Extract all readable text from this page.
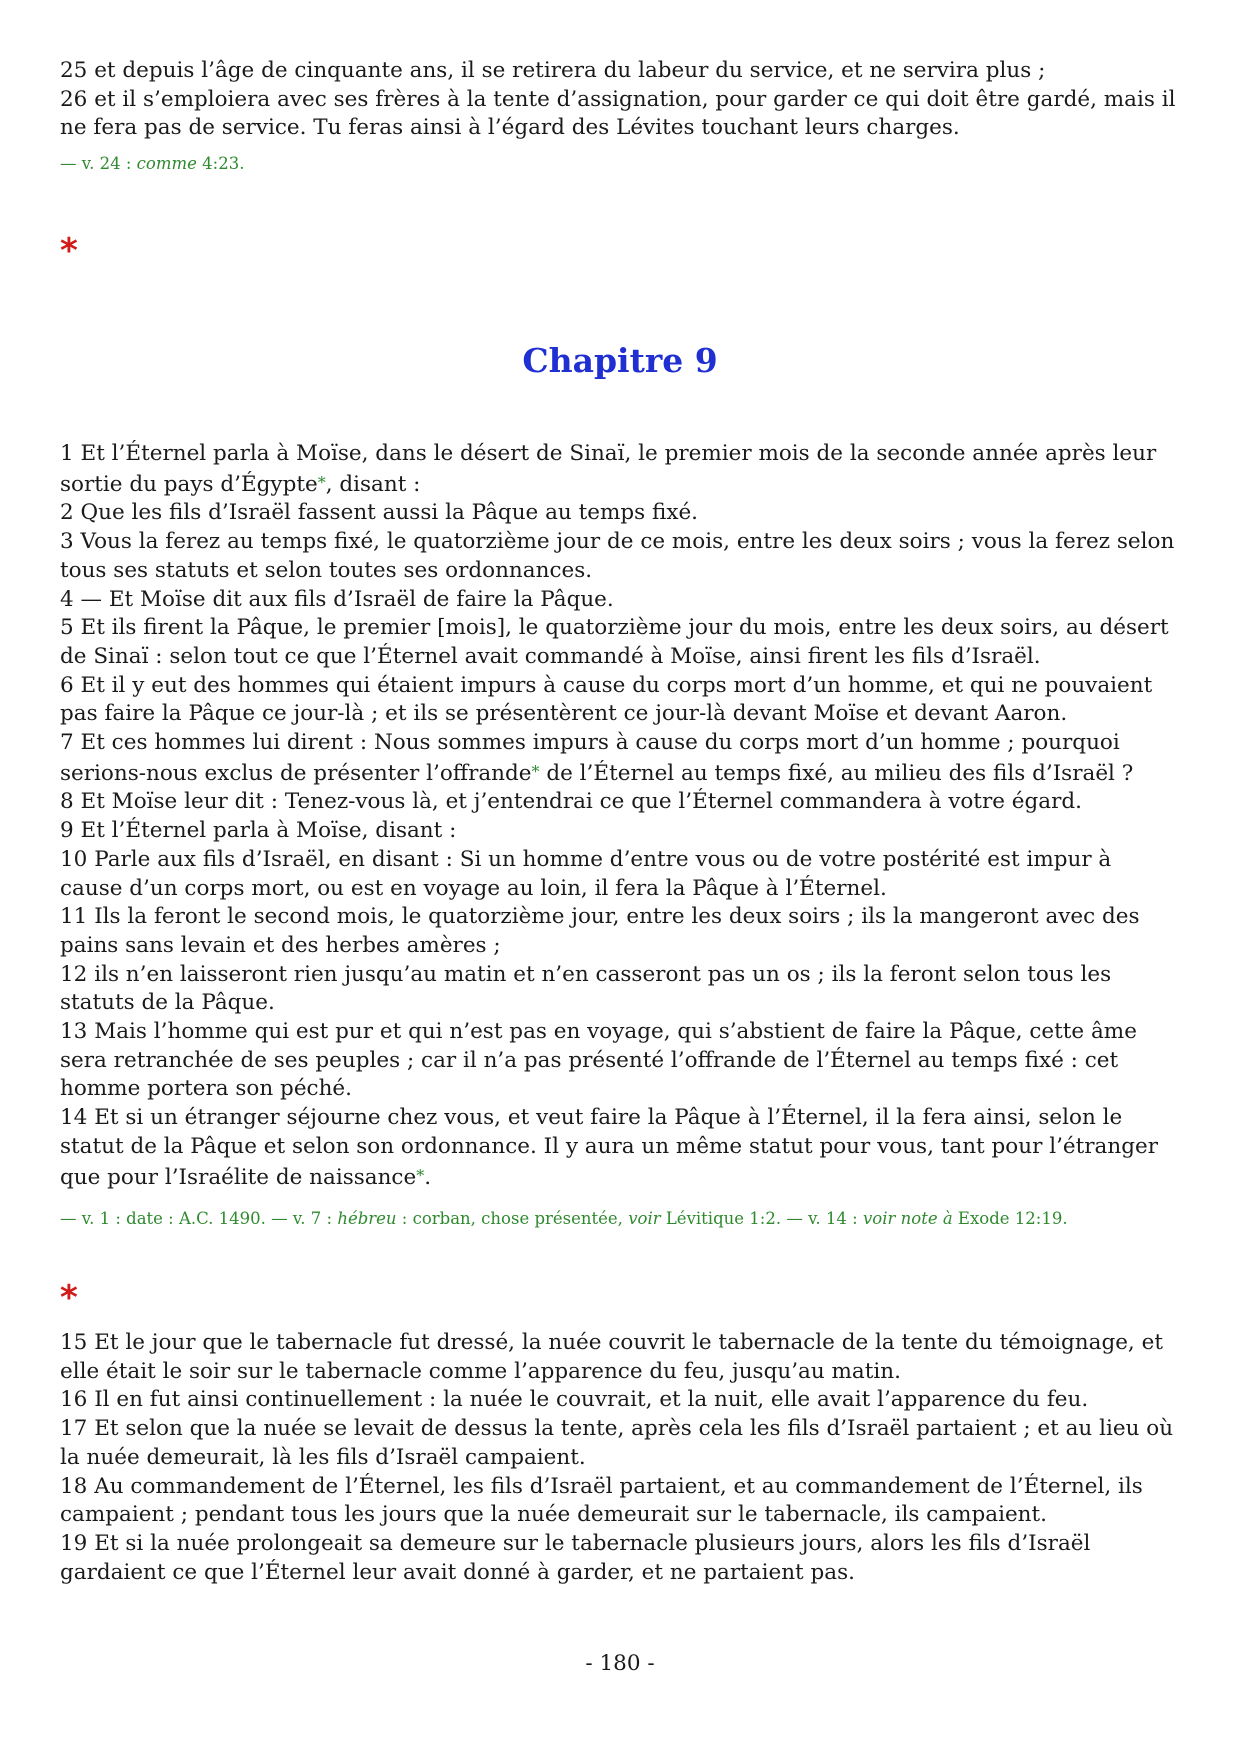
25 et depuis l’âge de cinquante ans, il se retirera du labeur du service, et ne servira plus ;
26 et il s’emploiera avec ses frères à la tente d’assignation, pour garder ce qui doit être gardé, mais il ne fera pas de service. Tu feras ainsi à l’égard des Lévites touchant leurs charges.
— v. 24 : comme 4:23.
*
Chapitre 9
1 Et l’Éternel parla à Moïse, dans le désert de Sinaï, le premier mois de la seconde année après leur sortie du pays d’Égypte*, disant :
2 Que les fils d’Israël fassent aussi la Pâque au temps fixé.
3 Vous la ferez au temps fixé, le quatorzième jour de ce mois, entre les deux soirs ; vous la ferez selon tous ses statuts et selon toutes ses ordonnances.
4 — Et Moïse dit aux fils d’Israël de faire la Pâque.
5 Et ils firent la Pâque, le premier [mois], le quatorzième jour du mois, entre les deux soirs, au désert de Sinaï : selon tout ce que l’Éternel avait commandé à Moïse, ainsi firent les fils d’Israël.
6 Et il y eut des hommes qui étaient impurs à cause du corps mort d’un homme, et qui ne pouvaient pas faire la Pâque ce jour-là ; et ils se présentèrent ce jour-là devant Moïse et devant Aaron.
7 Et ces hommes lui dirent : Nous sommes impurs à cause du corps mort d’un homme ; pourquoi serions-nous exclus de présenter l’offrande* de l’Éternel au temps fixé, au milieu des fils d’Israël ?
8 Et Moïse leur dit : Tenez-vous là, et j’entendrai ce que l’Éternel commandera à votre égard.
9 Et l’Éternel parla à Moïse, disant :
10 Parle aux fils d’Israël, en disant : Si un homme d’entre vous ou de votre postérité est impur à cause d’un corps mort, ou est en voyage au loin, il fera la Pâque à l’Éternel.
11 Ils la feront le second mois, le quatorzième jour, entre les deux soirs ; ils la mangeront avec des pains sans levain et des herbes amères ;
12 ils n’en laisseront rien jusqu’au matin et n’en casseront pas un os ; ils la feront selon tous les statuts de la Pâque.
13 Mais l’homme qui est pur et qui n’est pas en voyage, qui s’abstient de faire la Pâque, cette âme sera retranchée de ses peuples ; car il n’a pas présenté l’offrande de l’Éternel au temps fixé : cet homme portera son péché.
14 Et si un étranger séjourne chez vous, et veut faire la Pâque à l’Éternel, il la fera ainsi, selon le statut de la Pâque et selon son ordonnance. Il y aura un même statut pour vous, tant pour l’étranger que pour l’Israélite de naissance*.
— v. 1 : date : A.C. 1490. — v. 7 : hébreu : corban, chose présentée, voir Lévitique 1:2. — v. 14 : voir note à Exode 12:19.
*
15 Et le jour que le tabernacle fut dressé, la nuée couvrit le tabernacle de la tente du témoignage, et elle était le soir sur le tabernacle comme l’apparence du feu, jusqu’au matin.
16 Il en fut ainsi continuellement : la nuée le couvrait, et la nuit, elle avait l’apparence du feu.
17 Et selon que la nuée se levait de dessus la tente, après cela les fils d’Israël partaient ; et au lieu où la nuée demeurait, là les fils d’Israël campaient.
18 Au commandement de l’Éternel, les fils d’Israël partaient, et au commandement de l’Éternel, ils campaient ; pendant tous les jours que la nuée demeurait sur le tabernacle, ils campaient.
19 Et si la nuée prolongeait sa demeure sur le tabernacle plusieurs jours, alors les fils d’Israël gardaient ce que l’Éternel leur avait donné à garder, et ne partaient pas.
- 180 -
